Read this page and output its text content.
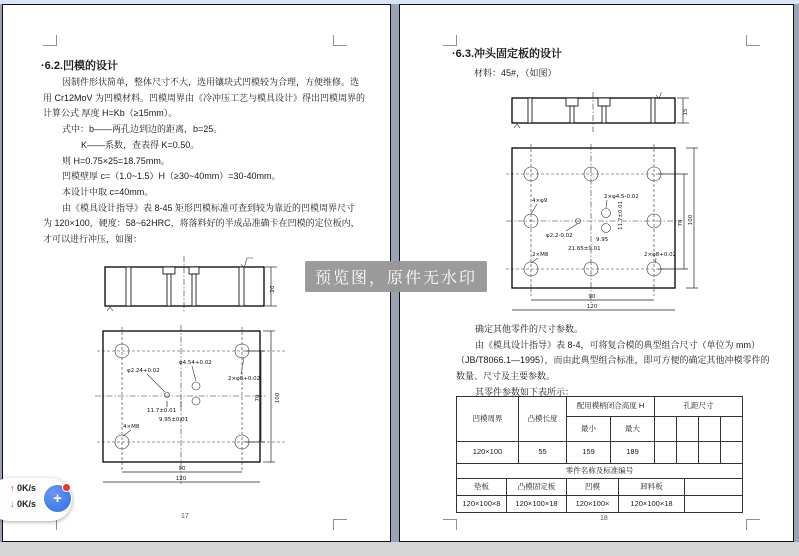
·6.2.凹模的设计
因制件形状简单，整体尺寸不大，选用镶块式凹模较为合理，方便维修。选
用 Cr12MoV 为凹模材料。凹模周界由《冷冲压工艺与模具设计》得出凹模周界的
计算公式 厚度 H=Kb（≥15mm）。
式中：b——两孔边到边的距离，b=25。
K——系数，查表得 K=0.50。
则 H=0.75×25=18.75mm。
凹模壁厚 c=（1.0~1.5）H（≥30~40mm）=30-40mm。
本设计中取 c=40mm。
由《模具设计指导》表 8-45 矩形凹模标准可查到较为靠近的凹模周界尺寸
为 120×100，硬度：58~62HRC，将落料好的半成品准确卡在凹模的定位板内，
才可以进行冲压，如图：
20
φ2.24+0.02
φ4.54+0.02
2×φ8+0.02
11.7±0.01
9.95±0.01
4×M8
70	100
90
120
17
·6.3.冲头固定板的设计
材料：45#，（如图）
15
4×φ9
φ2.2-0.02
2×φ4.5-0.02
11.7±0.01
9.95
21.65±0.01
2×M8	2×φ8+0.02
70 100
90
120
确定其他零件的尺寸参数。
由《模具设计指导》表 8-4，可将复合模的典型组合尺寸（单位为 mm）
（JB/T8066.1—1995），而由此典型组合标准，即可方便的确定其他冲模零件的
数量、尺寸及主要参数。
其零件参数如下表所示：
凹模周界	凸模长度	配用模柄闭合高度 H		孔距尺寸			
		最小	最大				
120×100	55	159	189				
零件名称及标准编号				
垫板	凸模固定板	凹模	卸料板	
120×100×8	120×100×18	120×100×	120×100×18	
18
预览图，原件无水印
↑ 0K/s
↓ 0K/s +
